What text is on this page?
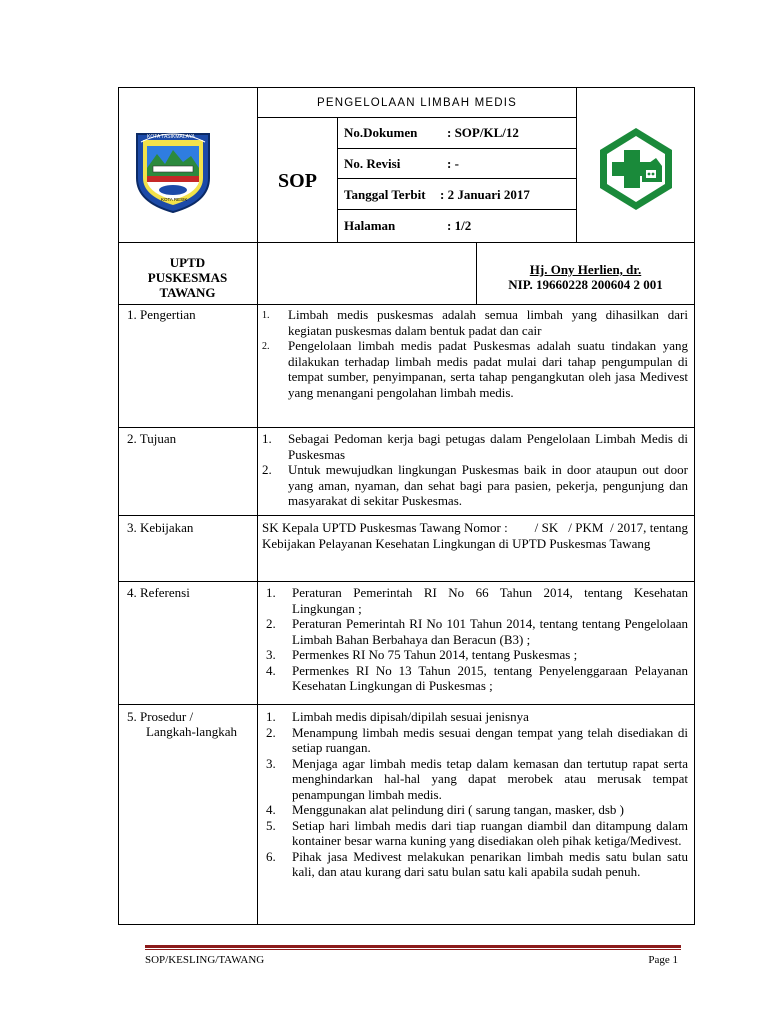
KOTA TASIKMALAYA
KOTA RESIK
PENGELOLAAN LIMBAH MEDIS
SOP
No.Dokumen : SOP/KL/12
No. Revisi	: -
Tanggal Terbit : 2 Januari 2017
Halaman	: 1/2
UPTD
PUSKESMAS
TAWANG
Hj. Ony Herlien, dr.
NIP. 19660228 200604 2 001
1. Pengertian	1. Limbah medis puskesmas adalah semua limbah yang dihasilkan dari kegiatan puskesmas dalam bentuk padat dan cair

2. Pengelolaan limbah medis padat Puskesmas adalah suatu tindakan yang dilakukan terhadap limbah medis padat mulai dari tahap pengumpulan di tempat sumber, penyimpanan, serta tahap pengangkutan oleh jasa Medivest yang menangani pengolahan limbah medis.

2. Tujuan	1. Sebagai Pedoman kerja bagi petugas dalam Pengelolaan Limbah Medis di Puskesmas

2. Untuk mewujudkan lingkungan Puskesmas baik in door ataupun out door yang aman, nyaman, dan sehat bagi para pasien, pekerja, pengunjung dan masyarakat di sekitar Puskesmas.

3. Kebijakan	SK Kepala UPTD Puskesmas Tawang Nomor :        / SK   / PKM  / 2017, tentang Kebijakan Pelayanan Kesehatan Lingkungan di UPTD Puskesmas Tawang

4. Referensi	1. Peraturan Pemerintah RI No 66 Tahun 2014, tentang Kesehatan Lingkungan ;

2. Peraturan Pemerintah RI No 101 Tahun 2014, tentang tentang Pengelolaan Limbah Bahan Berbahaya dan Beracun (B3) ;

3. Permenkes RI No 75 Tahun 2014, tentang Puskesmas ;

4. Permenkes RI No 13 Tahun 2015, tentang Penyelenggaraan Pelayanan Kesehatan Lingkungan di Puskesmas ;

5. Prosedur /
Langkah-langkah

1. Limbah medis dipisah/dipilah sesuai jenisnya

2. Menampung limbah medis sesuai dengan tempat yang telah disediakan di setiap ruangan.

3. Menjaga agar limbah medis tetap dalam kemasan dan tertutup rapat serta menghindarkan hal-hal yang dapat merobek atau merusak tempat penampungan limbah medis.

4. Menggunakan alat pelindung diri ( sarung tangan, masker, dsb )

5. Setiap hari limbah medis dari tiap ruangan diambil dan ditampung dalam kontainer besar warna kuning yang disediakan oleh pihak ketiga/Medivest.

6. Pihak jasa Medivest melakukan penarikan limbah medis satu bulan satu kali, dan atau kurang dari satu bulan satu kali apabila sudah penuh.

SOP/KESLING/TAWANG	Page 1
